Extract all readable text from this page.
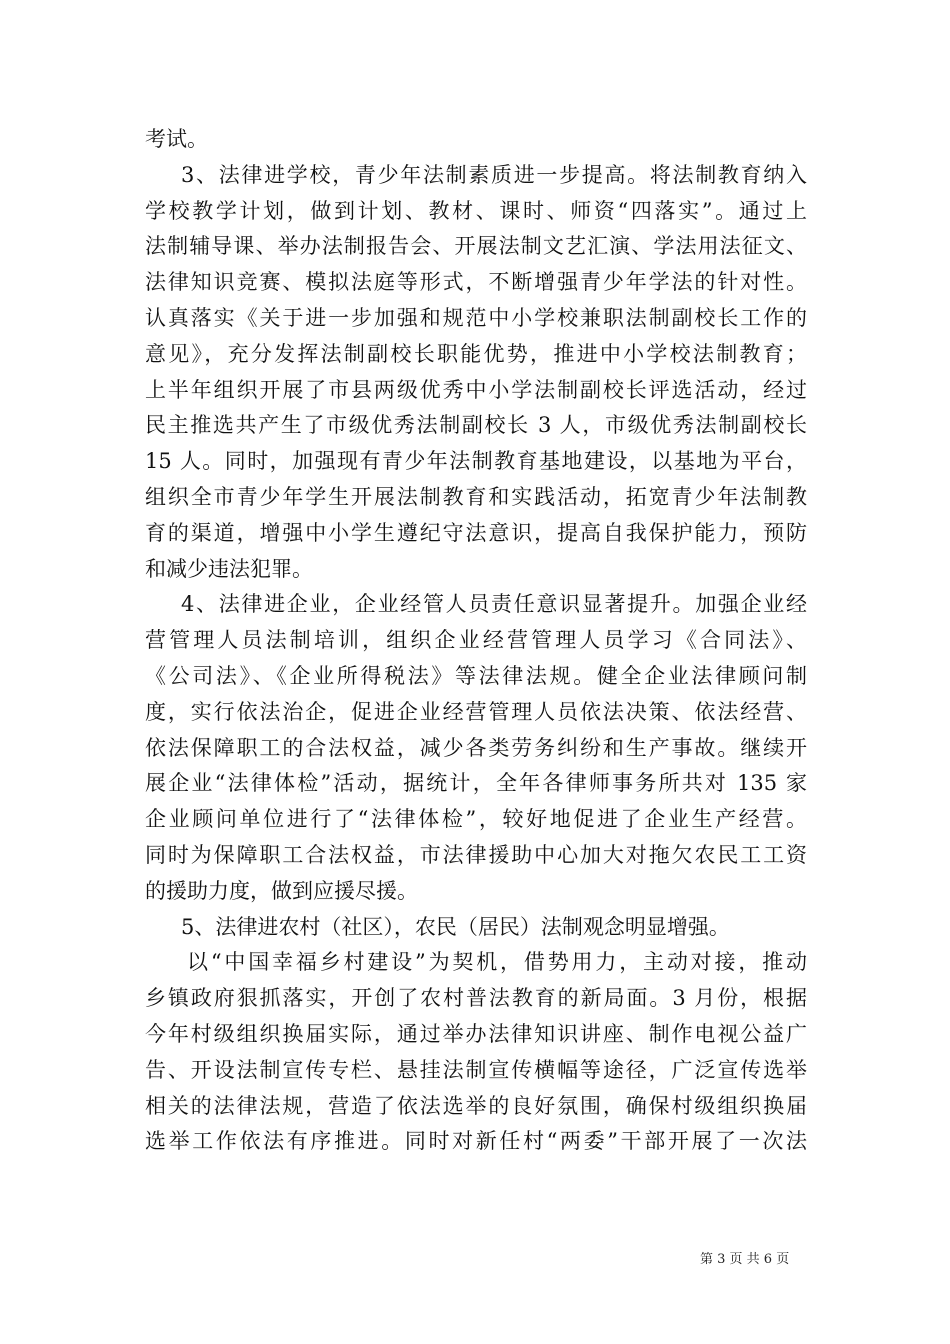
考试。
3、法律进学校，青少年法制素质进一步提高。将法制教育纳入
学校教学计划，做到计划、教材、课时、师资“四落实”。通过上
法制辅导课、举办法制报告会、开展法制文艺汇演、学法用法征文、
法律知识竞赛、模拟法庭等形式，不断增强青少年学法的针对性。
认真落实《关于进一步加强和规范中小学校兼职法制副校长工作的
意见》，充分发挥法制副校长职能优势，推进中小学校法制教育；
上半年组织开展了市县两级优秀中小学法制副校长评选活动，经过
民主推选共产生了市级优秀法制副校长 3 人，市级优秀法制副校长
15 人。同时，加强现有青少年法制教育基地建设，以基地为平台，
组织全市青少年学生开展法制教育和实践活动，拓宽青少年法制教
育的渠道，增强中小学生遵纪守法意识，提高自我保护能力，预防
和减少违法犯罪。
4、法律进企业，企业经管人员责任意识显著提升。加强企业经
营管理人员法制培训，组织企业经营管理人员学习《合同法》、
《公司法》、《企业所得税法》等法律法规。健全企业法律顾问制
度，实行依法治企，促进企业经营管理人员依法决策、依法经营、
依法保障职工的合法权益，减少各类劳务纠纷和生产事故。继续开
展企业“法律体检”活动，据统计，全年各律师事务所共对 135 家
企业顾问单位进行了“法律体检”，较好地促进了企业生产经营。
同时为保障职工合法权益，市法律援助中心加大对拖欠农民工工资
的援助力度，做到应援尽援。
5、法律进农村（社区），农民（居民）法制观念明显增强。
以“中国幸福乡村建设”为契机，借势用力，主动对接，推动
乡镇政府狠抓落实，开创了农村普法教育的新局面。3 月份，根据
今年村级组织换届实际，通过举办法律知识讲座、制作电视公益广
告、开设法制宣传专栏、悬挂法制宣传横幅等途径，广泛宣传选举
相关的法律法规，营造了依法选举的良好氛围，确保村级组织换届
选举工作依法有序推进。同时对新任村“两委”干部开展了一次法
第 3 页 共 6 页
